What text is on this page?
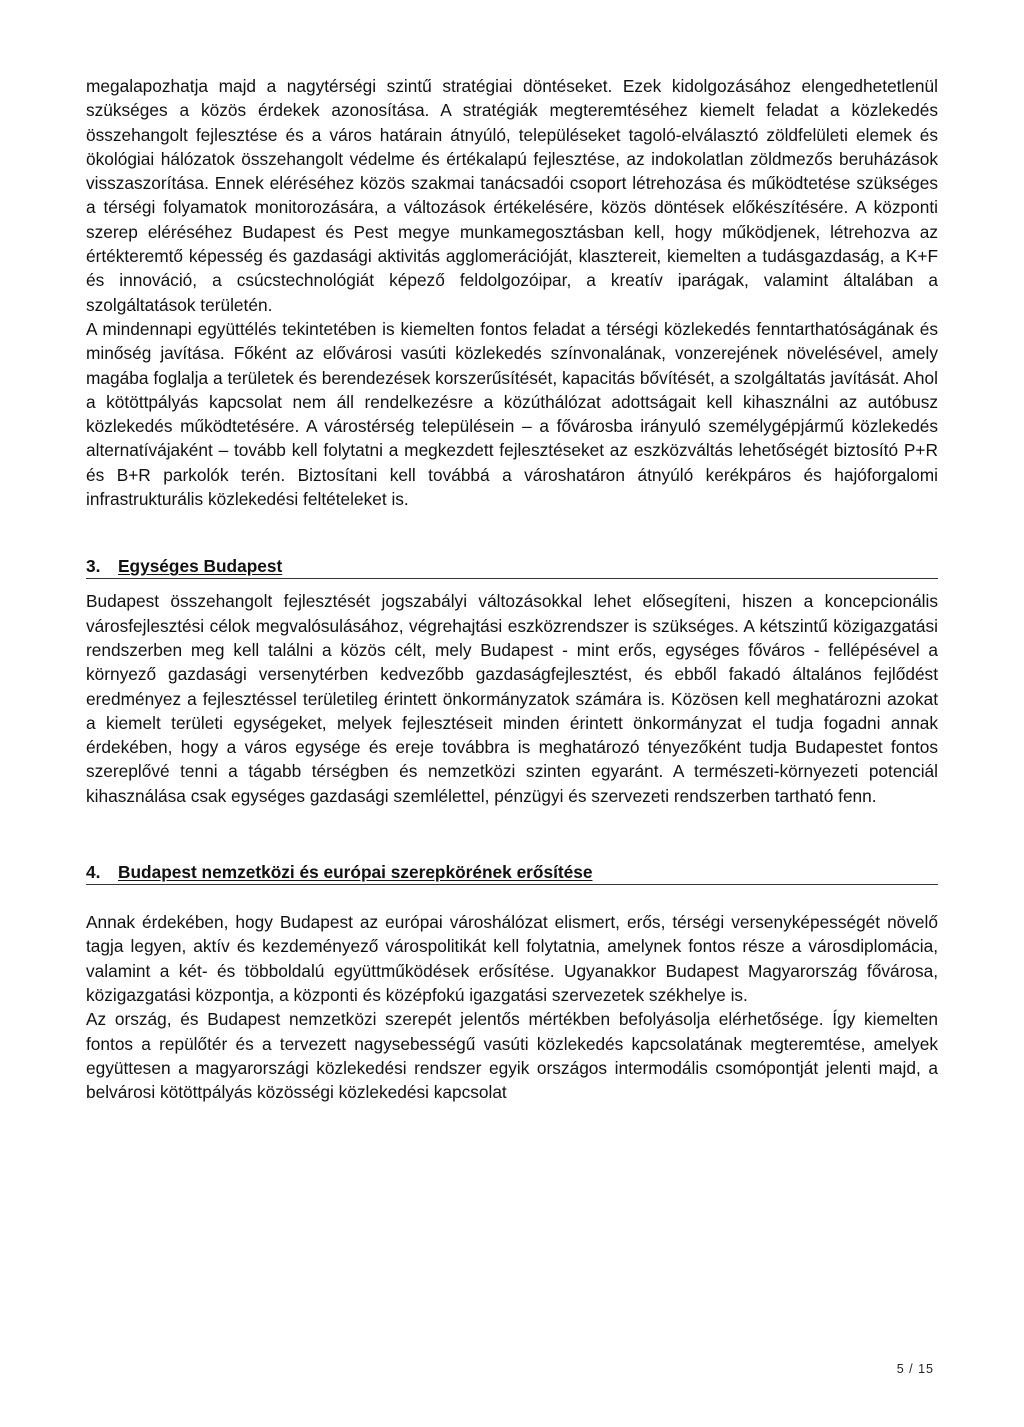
megalapozhatja majd a nagytérségi szintű stratégiai döntéseket. Ezek kidolgozásához elengedhetetlenül szükséges a közös érdekek azonosítása. A stratégiák megteremtéséhez kiemelt feladat a közlekedés összehangolt fejlesztése és a város határain átnyúló, településeket tagoló-elválasztó zöldfelületi elemek és ökológiai hálózatok összehangolt védelme és értékalapú fejlesztése, az indokolatlan zöldmezős beruházások visszaszorítása. Ennek eléréséhez közös szakmai tanácsadói csoport létrehozása és működtetése szükséges a térségi folyamatok monitorozására, a változások értékelésére, közös döntések előkészítésére. A központi szerep eléréséhez Budapest és Pest megye munkamegosztásban kell, hogy működjenek, létrehozva az értékteremtő képesség és gazdasági aktivitás agglomerációját, klasztereit, kiemelten a tudásgazdaság, a K+F és innováció, a csúcstechnológiát képező feldolgozóipar, a kreatív iparágak, valamint általában a szolgáltatások területén.

A mindennapi együttélés tekintetében is kiemelten fontos feladat a térségi közlekedés fenntarthatóságának és minőség javítása. Főként az elővárosi vasúti közlekedés színvonalának, vonzerejének növelésével, amely magába foglalja a területek és berendezések korszerűsítését, kapacitás bővítését, a szolgáltatás javítását. Ahol a kötöttpályás kapcsolat nem áll rendelkezésre a közúthálózat adottságait kell kihasználni az autóbusz közlekedés működtetésére. A várostérség településein – a fővárosba irányuló személygépjármű közlekedés alternatívájaként – tovább kell folytatni a megkezdett fejlesztéseket az eszközváltás lehetőségét biztosító P+R és B+R parkolók terén. Biztosítani kell továbbá a városhatáron átnyúló kerékpáros és hajóforgalomi infrastrukturális közlekedési feltételeket is.

3. Egységes Budapest

Budapest összehangolt fejlesztését jogszabályi változásokkal lehet elősegíteni, hiszen a koncepcionális városfejlesztési célok megvalósulásához, végrehajtási eszközrendszer is szükséges. A kétszintű közigazgatási rendszerben meg kell találni a közös célt, mely Budapest - mint erős, egységes főváros - fellépésével a környező gazdasági versenytérben kedvezőbb gazdaságfejlesztést, és ebből fakadó általános fejlődést eredményez a fejlesztéssel területileg érintett önkormányzatok számára is. Közösen kell meghatározni azokat a kiemelt területi egységeket, melyek fejlesztéseit minden érintett önkormányzat el tudja fogadni annak érdekében, hogy a város egysége és ereje továbbra is meghatározó tényezőként tudja Budapestet fontos szereplővé tenni a tágabb térségben és nemzetközi szinten egyaránt. A természeti-környezeti potenciál kihasználása csak egységes gazdasági szemlélettel, pénzügyi és szervezeti rendszerben tartható fenn.

4. Budapest nemzetközi és európai szerepkörének erősítése

Annak érdekében, hogy Budapest az európai városhálózat elismert, erős, térségi versenyképességét növelő tagja legyen, aktív és kezdeményező várospolitikát kell folytatnia, amelynek fontos része a városdiplomácia, valamint a két- és többoldalú együttműködések erősítése. Ugyanakkor Budapest Magyarország fővárosa, közigazgatási központja, a központi és középfokú igazgatási szervezetek székhelye is.

Az ország, és Budapest nemzetközi szerepét jelentős mértékben befolyásolja elérhetősége. Így kiemelten fontos a repülőtér és a tervezett nagysebességű vasúti közlekedés kapcsolatának megteremtése, amelyek együttesen a magyarországi közlekedési rendszer egyik országos intermodális csomópontját jelenti majd, a belvárosi kötöttpályás közösségi közlekedési kapcsolat

5 / 15
